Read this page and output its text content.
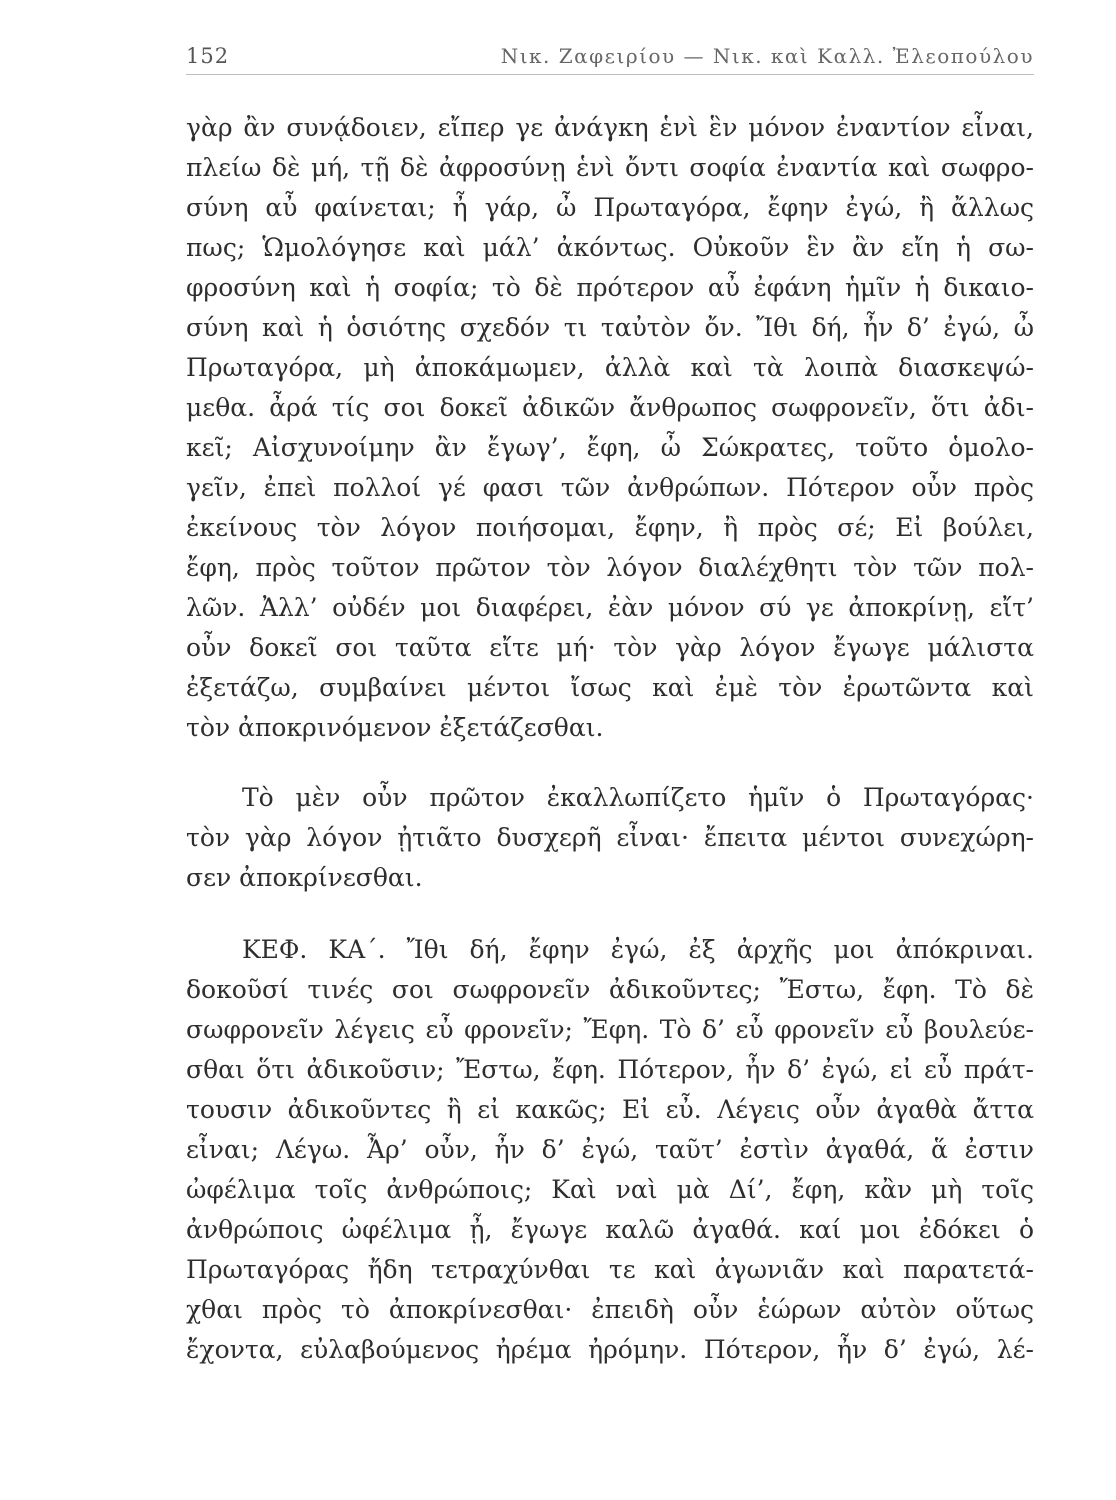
152	Νικ. Ζαφειρίου — Νικ. καὶ Καλλ. Ἐλεοπούλου
γὰρ ἂν συνᾴδοιεν, εἴπερ γε ἀνάγκη ἑνὶ ἓν μόνον ἐναντίον εἶναι,
πλείω δὲ μή, τῇ δὲ ἀφροσύνῃ ἑνὶ ὄντι σοφία ἐναντία καὶ σωφρο-
σύνη αὖ φαίνεται; ἦ γάρ, ὦ Πρωταγόρα, ἔφην ἐγώ, ἢ ἄλλως
πως; Ὡμολόγησε καὶ μάλ’ ἀκόντως. Οὐκοῦν ἓν ἂν εἴη ἡ σω-
φροσύνη καὶ ἡ σοφία; τὸ δὲ πρότερον αὖ ἐφάνη ἡμῖν ἡ δικαιο-
σύνη καὶ ἡ ὁσιότης σχεδόν τι ταὐτὸν ὄν. Ἴθι δή, ἦν δ’ ἐγώ, ὦ
Πρωταγόρα, μὴ ἀποκάμωμεν, ἀλλὰ καὶ τὰ λοιπὰ διασκεψώ-
μεθα. ἆρά τίς σοι δοκεῖ ἀδικῶν ἄνθρωπος σωφρονεῖν, ὅτι ἀδι-
κεῖ; Αἰσχυνοίμην ἂν ἔγωγ’, ἔφη, ὦ Σώκρατες, τοῦτο ὁμολο-
γεῖν, ἐπεὶ πολλοί γέ φασι τῶν ἀνθρώπων. Πότερον οὖν πρὸς
ἐκείνους τὸν λόγον ποιήσομαι, ἔφην, ἢ πρὸς σέ; Εἰ βούλει,
ἔφη, πρὸς τοῦτον πρῶτον τὸν λόγον διαλέχθητι τὸν τῶν πολ-
λῶν. Ἀλλ’ οὐδέν μοι διαφέρει, ἐὰν μόνον σύ γε ἀποκρίνῃ, εἴτ’
οὖν δοκεῖ σοι ταῦτα εἴτε μή· τὸν γὰρ λόγον ἔγωγε μάλιστα
ἐξετάζω, συμβαίνει μέντοι ἴσως καὶ ἐμὲ τὸν ἐρωτῶντα καὶ
τὸν ἀποκρινόμενον ἐξετάζεσθαι.
Τὸ μὲν οὖν πρῶτον ἐκαλλωπίζετο ἡμῖν ὁ Πρωταγόρας·
τὸν γὰρ λόγον ᾐτιᾶτο δυσχερῆ εἶναι· ἔπειτα μέντοι συνεχώρη-
σεν ἀποκρίνεσθαι.
ΚΕΦ. ΚΑ΄. Ἴθι δή, ἔφην ἐγώ, ἐξ ἀρχῆς μοι ἀπόκριναι.
δοκοῦσί τινές σοι σωφρονεῖν ἀδικοῦντες; Ἔστω, ἔφη. Τὸ δὲ
σωφρονεῖν λέγεις εὖ φρονεῖν; Ἔφη. Τὸ δ’ εὖ φρονεῖν εὖ βουλεύε-
σθαι ὅτι ἀδικοῦσιν; Ἔστω, ἔφη. Πότερον, ἦν δ’ ἐγώ, εἰ εὖ πράτ-
τουσιν ἀδικοῦντες ἢ εἰ κακῶς; Εἰ εὖ. Λέγεις οὖν ἀγαθὰ ἄττα
εἶναι; Λέγω. Ἆρ’ οὖν, ἦν δ’ ἐγώ, ταῦτ’ ἐστὶν ἀγαθά, ἅ ἐστιν
ὠφέλιμα τοῖς ἀνθρώποις; Καὶ ναὶ μὰ Δί’, ἔφη, κἂν μὴ τοῖς
ἀνθρώποις ὠφέλιμα ᾖ, ἔγωγε καλῶ ἀγαθά. καί μοι ἐδόκει ὁ
Πρωταγόρας ἤδη τετραχύνθαι τε καὶ ἀγωνιᾶν καὶ παρατετά-
χθαι πρὸς τὸ ἀποκρίνεσθαι· ἐπειδὴ οὖν ἑώρων αὐτὸν οὕτως
ἔχοντα, εὐλαβούμενος ἠρέμα ἠρόμην. Πότερον, ἦν δ’ ἐγώ, λέ-
